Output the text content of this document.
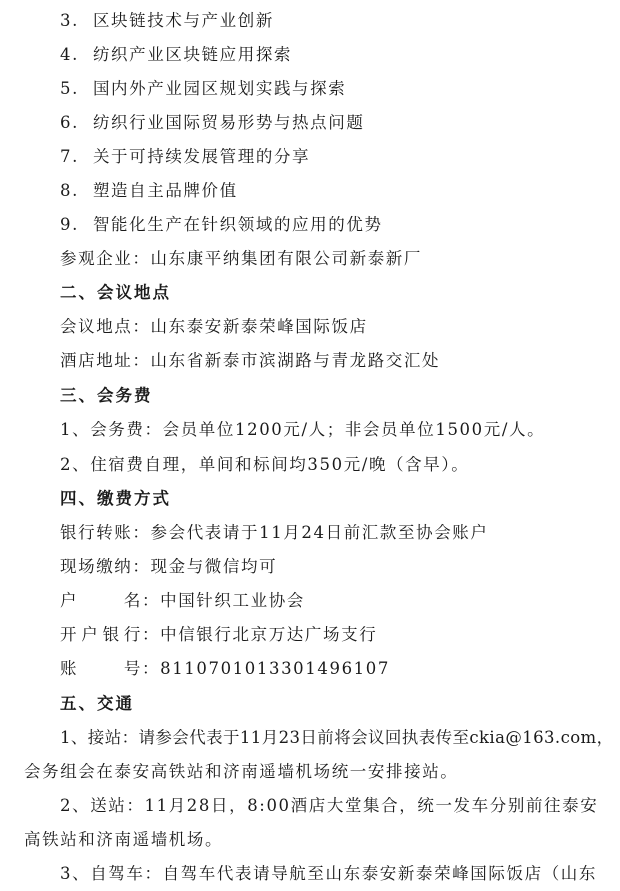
3. 区块链技术与产业创新
4. 纺织产业区块链应用探索
5. 国内外产业园区规划实践与探索
6. 纺织行业国际贸易形势与热点问题
7. 关于可持续发展管理的分享
8. 塑造自主品牌价值
9. 智能化生产在针织领域的应用的优势
参观企业：山东康平纳集团有限公司新泰新厂
二、会议地点
会议地点：山东泰安新泰荣峰国际饭店
酒店地址：山东省新泰市滨湖路与青龙路交汇处
三、会务费
1、会务费：会员单位1200元/人；非会员单位1500元/人。
2、住宿费自理，单间和标间均350元/晚（含早）。
四、缴费方式
银行转账：参会代表请于11月24日前汇款至协会账户
现场缴纳：现金与微信均可
户名：中国针织工业协会
开户银行：中信银行北京万达广场支行
账号：8110701013301496107
五、交通
1、接站：请参会代表于11月23日前将会议回执表传至ckia@163.com，
会务组会在泰安高铁站和济南遥墙机场统一安排接站。
2、送站：11月28日，8:00酒店大堂集合，统一发车分别前往泰安
高铁站和济南遥墙机场。
3、自驾车：自驾车代表请导航至山东泰安新泰荣峰国际饭店（山东
